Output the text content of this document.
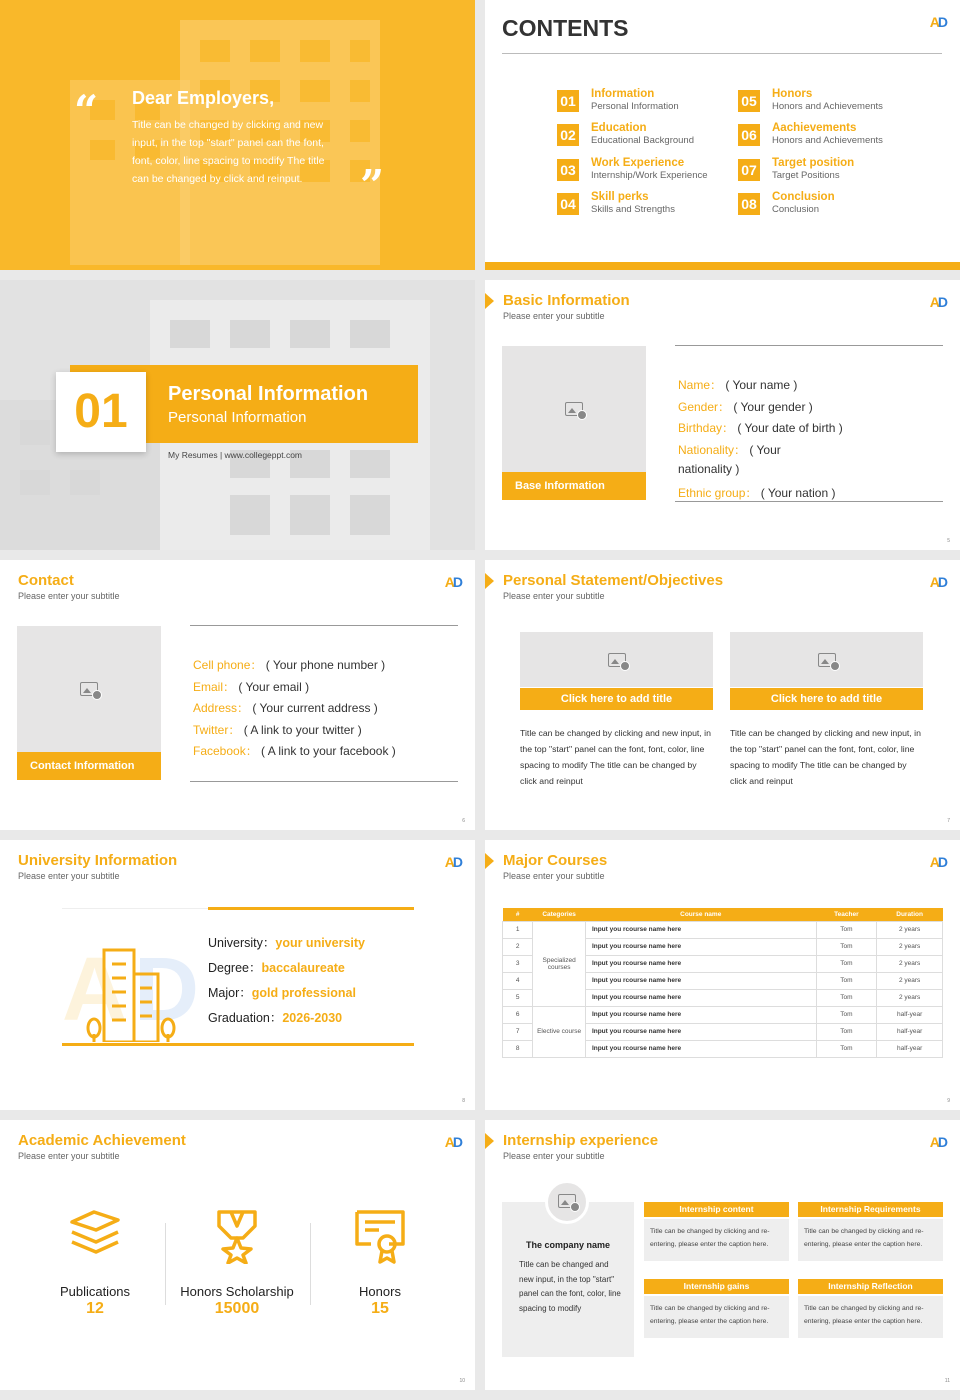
“ Dear Employers,
Title can be changed by clicking and new input, in the top "start" panel can the font, font, color, line spacing to modify The title can be changed by click and reinput.	”
CONTENTS	AD
01 Information
Personal Information
02 Education
Educational Background
03 Work Experience
Internship/Work Experience
04 Skill perks
Skills and Strengths
05 Honors
Honors and Achievements
06 Aachievements
Honors and Achievements
07 Target position
Target Positions
08 Conclusion
Conclusion
01	Personal Information
Personal Information
My Resumes | www.collegeppt.com
Basic Information
Please enter your subtitle
AD
Base Information
Name： ( Your name )
Gender： ( Your gender )
Birthday： ( Your date of birth )
Nationality： ( Your
nationality )
Ethnic group： ( Your nation )
5
Contact
Please enter your subtitle
AD
Contact Information
Cell phone： ( Your phone number )
Email： ( Your email )
Address： ( Your current address )
Twitter： ( A link to your twitter )
Facebook： ( A link to your facebook )
6
Personal Statement/Objectives
Please enter your subtitle
AD
Click here to add title
Title can be changed by clicking and new input, in the top "start" panel can the font, font, color, line spacing to modify The title can be changed by click and reinput
Click here to add title
Title can be changed by clicking and new input, in the top "start" panel can the font, font, color, line spacing to modify The title can be changed by click and reinput
7
University Information
Please enter your subtitle
AD
A D University：your university
Degree：baccalaureate
Major：gold professional
Graduation：2026-2030
8
Major Courses
Please enter your subtitle
AD
#	Categories	Course name	Teacher	Duration
1	Specialized courses	Input you rcourse name here	Tom	2 years
2		Input you rcourse name here	Tom	2 years
3		Input you rcourse name here	Tom	2 years
4		Input you rcourse name here	Tom	2 years
5		Input you rcourse name here	Tom	2 years
6	Elective course	Input you rcourse name here	Tom	half-year
7		Input you rcourse name here	Tom	half-year
8		Input you rcourse name here	Tom	half-year
9
Academic Achievement
Please enter your subtitle
AD
Publications
12
Honors Scholarship
15000
Honors
15
10
Internship experience
Please enter your subtitle
AD
The company name
Title can be changed and new input, in the top "start" panel can the font, color, line spacing to modify
Internship content
Title can be changed by clicking and re-entering, please enter the caption here.
Internship Requirements
Title can be changed by clicking and re-entering, please enter the caption here.
Internship gains
Title can be changed by clicking and re-entering, please enter the caption here.
Internship Reflection
Title can be changed by clicking and re-entering, please enter the caption here.
11
